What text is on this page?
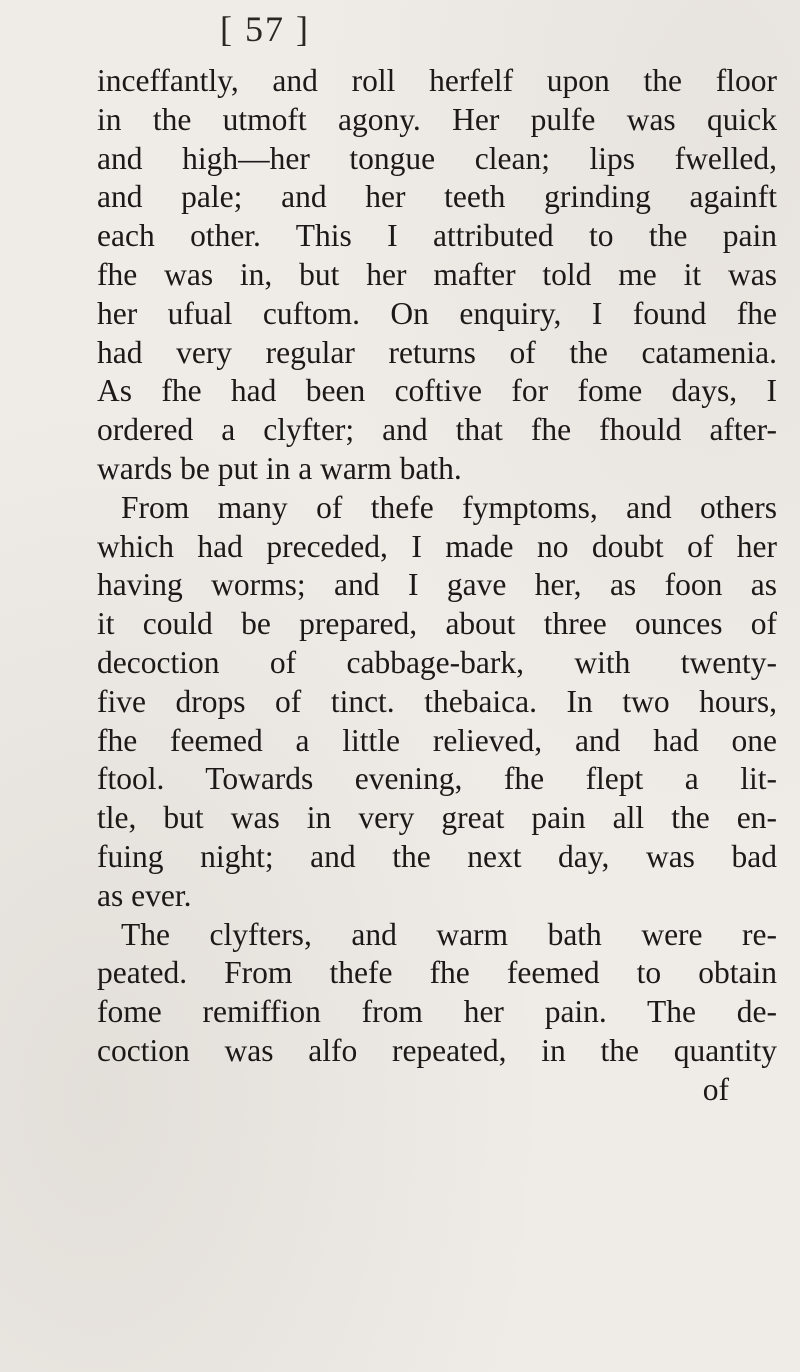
[ 57 ]
inceffantly, and roll herfelf upon the floor
in the utmoft agony. Her pulfe was quick
and high—her tongue clean; lips fwelled,
and pale; and her teeth grinding againft
each other. This I attributed to the pain
fhe was in, but her mafter told me it was
her ufual cuftom. On enquiry, I found fhe
had very regular returns of the catamenia.
As fhe had been coftive for fome days, I
ordered a clyfter; and that fhe fhould after-
wards be put in a warm bath.
From many of thefe fymptoms, and others
which had preceded, I made no doubt of her
having worms; and I gave her, as foon as
it could be prepared, about three ounces of
decoction of cabbage-bark, with twenty-
five drops of tinct. thebaica. In two hours,
fhe feemed a little relieved, and had one
ftool. Towards evening, fhe flept a lit-
tle, but was in very great pain all the en-
fuing night; and the next day, was bad
as ever.
The clyfters, and warm bath were re-
peated. From thefe fhe feemed to obtain
fome remiffion from her pain. The de-
coction was alfo repeated, in the quantity
of
